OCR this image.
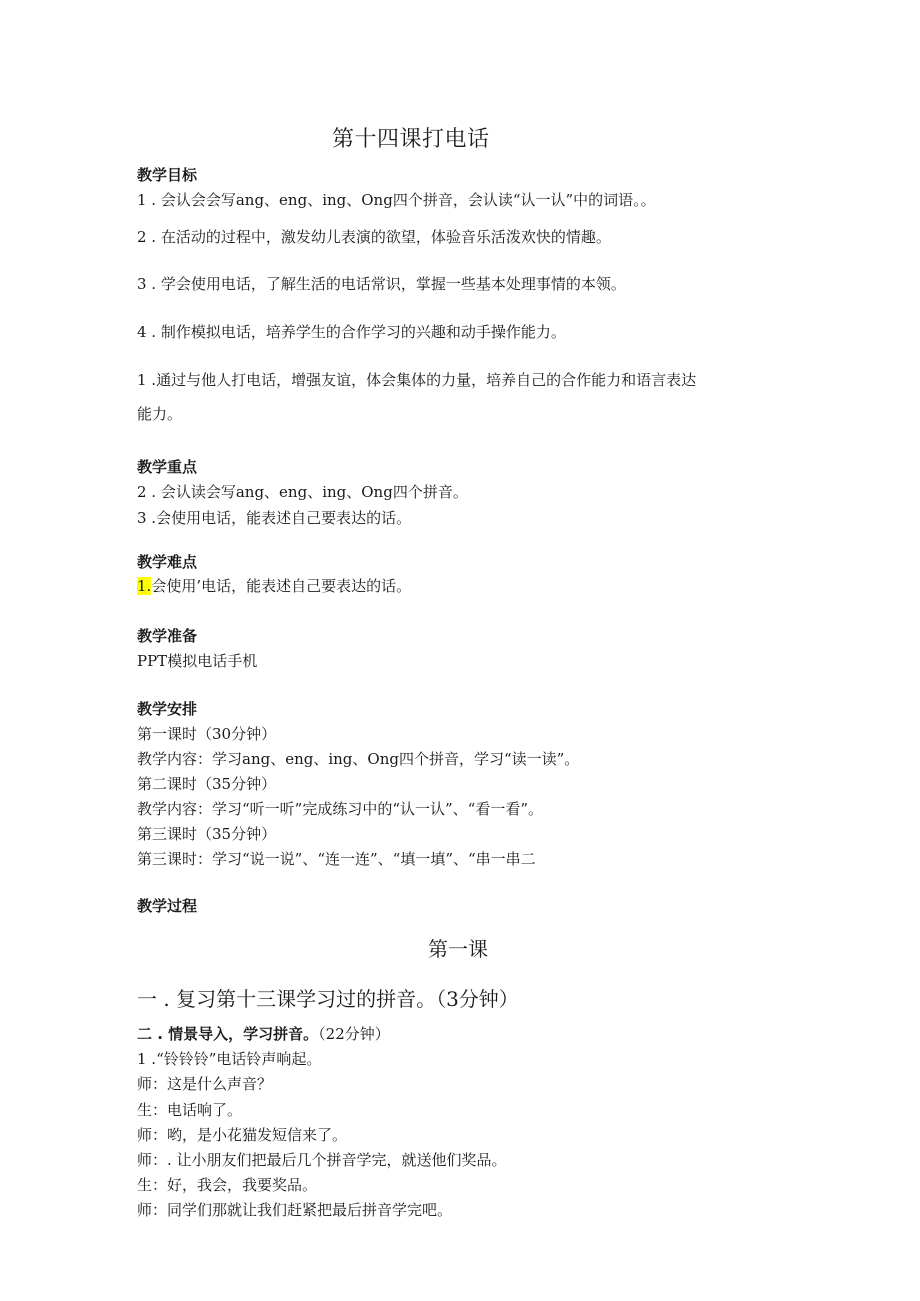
第十四课打电话
教学目标
1 . 会认会会写ang、eng、ing、Ong四个拼音，会认读“认一认”中的词语。。
2 . 在活动的过程中，激发幼儿表演的欲望，体验音乐活泼欢快的情趣。
3 . 学会使用电话，了解生活的电话常识，掌握一些基本处理事情的本领。
4 . 制作模拟电话，培养学生的合作学习的兴趣和动手操作能力。
1 .通过与他人打电话，增强友谊，体会集体的力量，培养自己的合作能力和语言表达
能力。
教学重点
2 . 会认读会写ang、eng、ing、Ong四个拼音。
3 .会使用电话，能表述自己要表达的话。
教学难点
1.会使用’电话，能表述自己要表达的话。
教学准备
PPT模拟电话手机
教学安排
第一课时（30分钟）
教学内容：学习ang、eng、ing、Ong四个拼音，学习“读一读”。
第二课时（35分钟）
教学内容：学习“听一听”完成练习中的“认一认”、“看一看”。
第三课时（35分钟）
第三课时：学习“说一说”、“连一连”、“填一填”、“串一串二
教学过程
第一课
一 . 复习第十三课学习过的拼音。（3分钟）
二 . 情景导入，学习拼音。（22分钟）
1 .“铃铃铃”电话铃声响起。
师：这是什么声音？
生：电话响了。
师：哟，是小花猫发短信来了。
师：. 让小朋友们把最后几个拼音学完，就送他们奖品。
生：好，我会，我要奖品。
师：同学们那就让我们赶紧把最后拼音学完吧。
